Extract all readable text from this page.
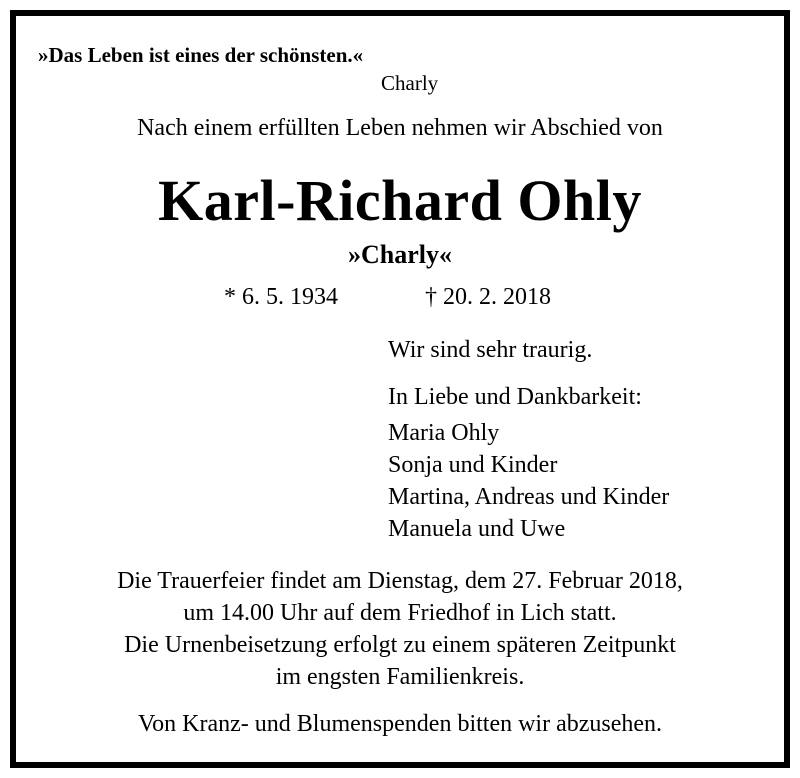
»Das Leben ist eines der schönsten.«
Charly
Nach einem erfüllten Leben nehmen wir Abschied von
Karl-Richard Ohly
»Charly«
* 6. 5. 1934	† 20. 2. 2018
Wir sind sehr traurig.
In Liebe und Dankbarkeit:
Maria Ohly
Sonja und Kinder
Martina, Andreas und Kinder
Manuela und Uwe
Die Trauerfeier findet am Dienstag, dem 27. Februar 2018,
um 14.00 Uhr auf dem Friedhof in Lich statt.
Die Urnenbeisetzung erfolgt zu einem späteren Zeitpunkt
im engsten Familienkreis.
Von Kranz- und Blumenspenden bitten wir abzusehen.
